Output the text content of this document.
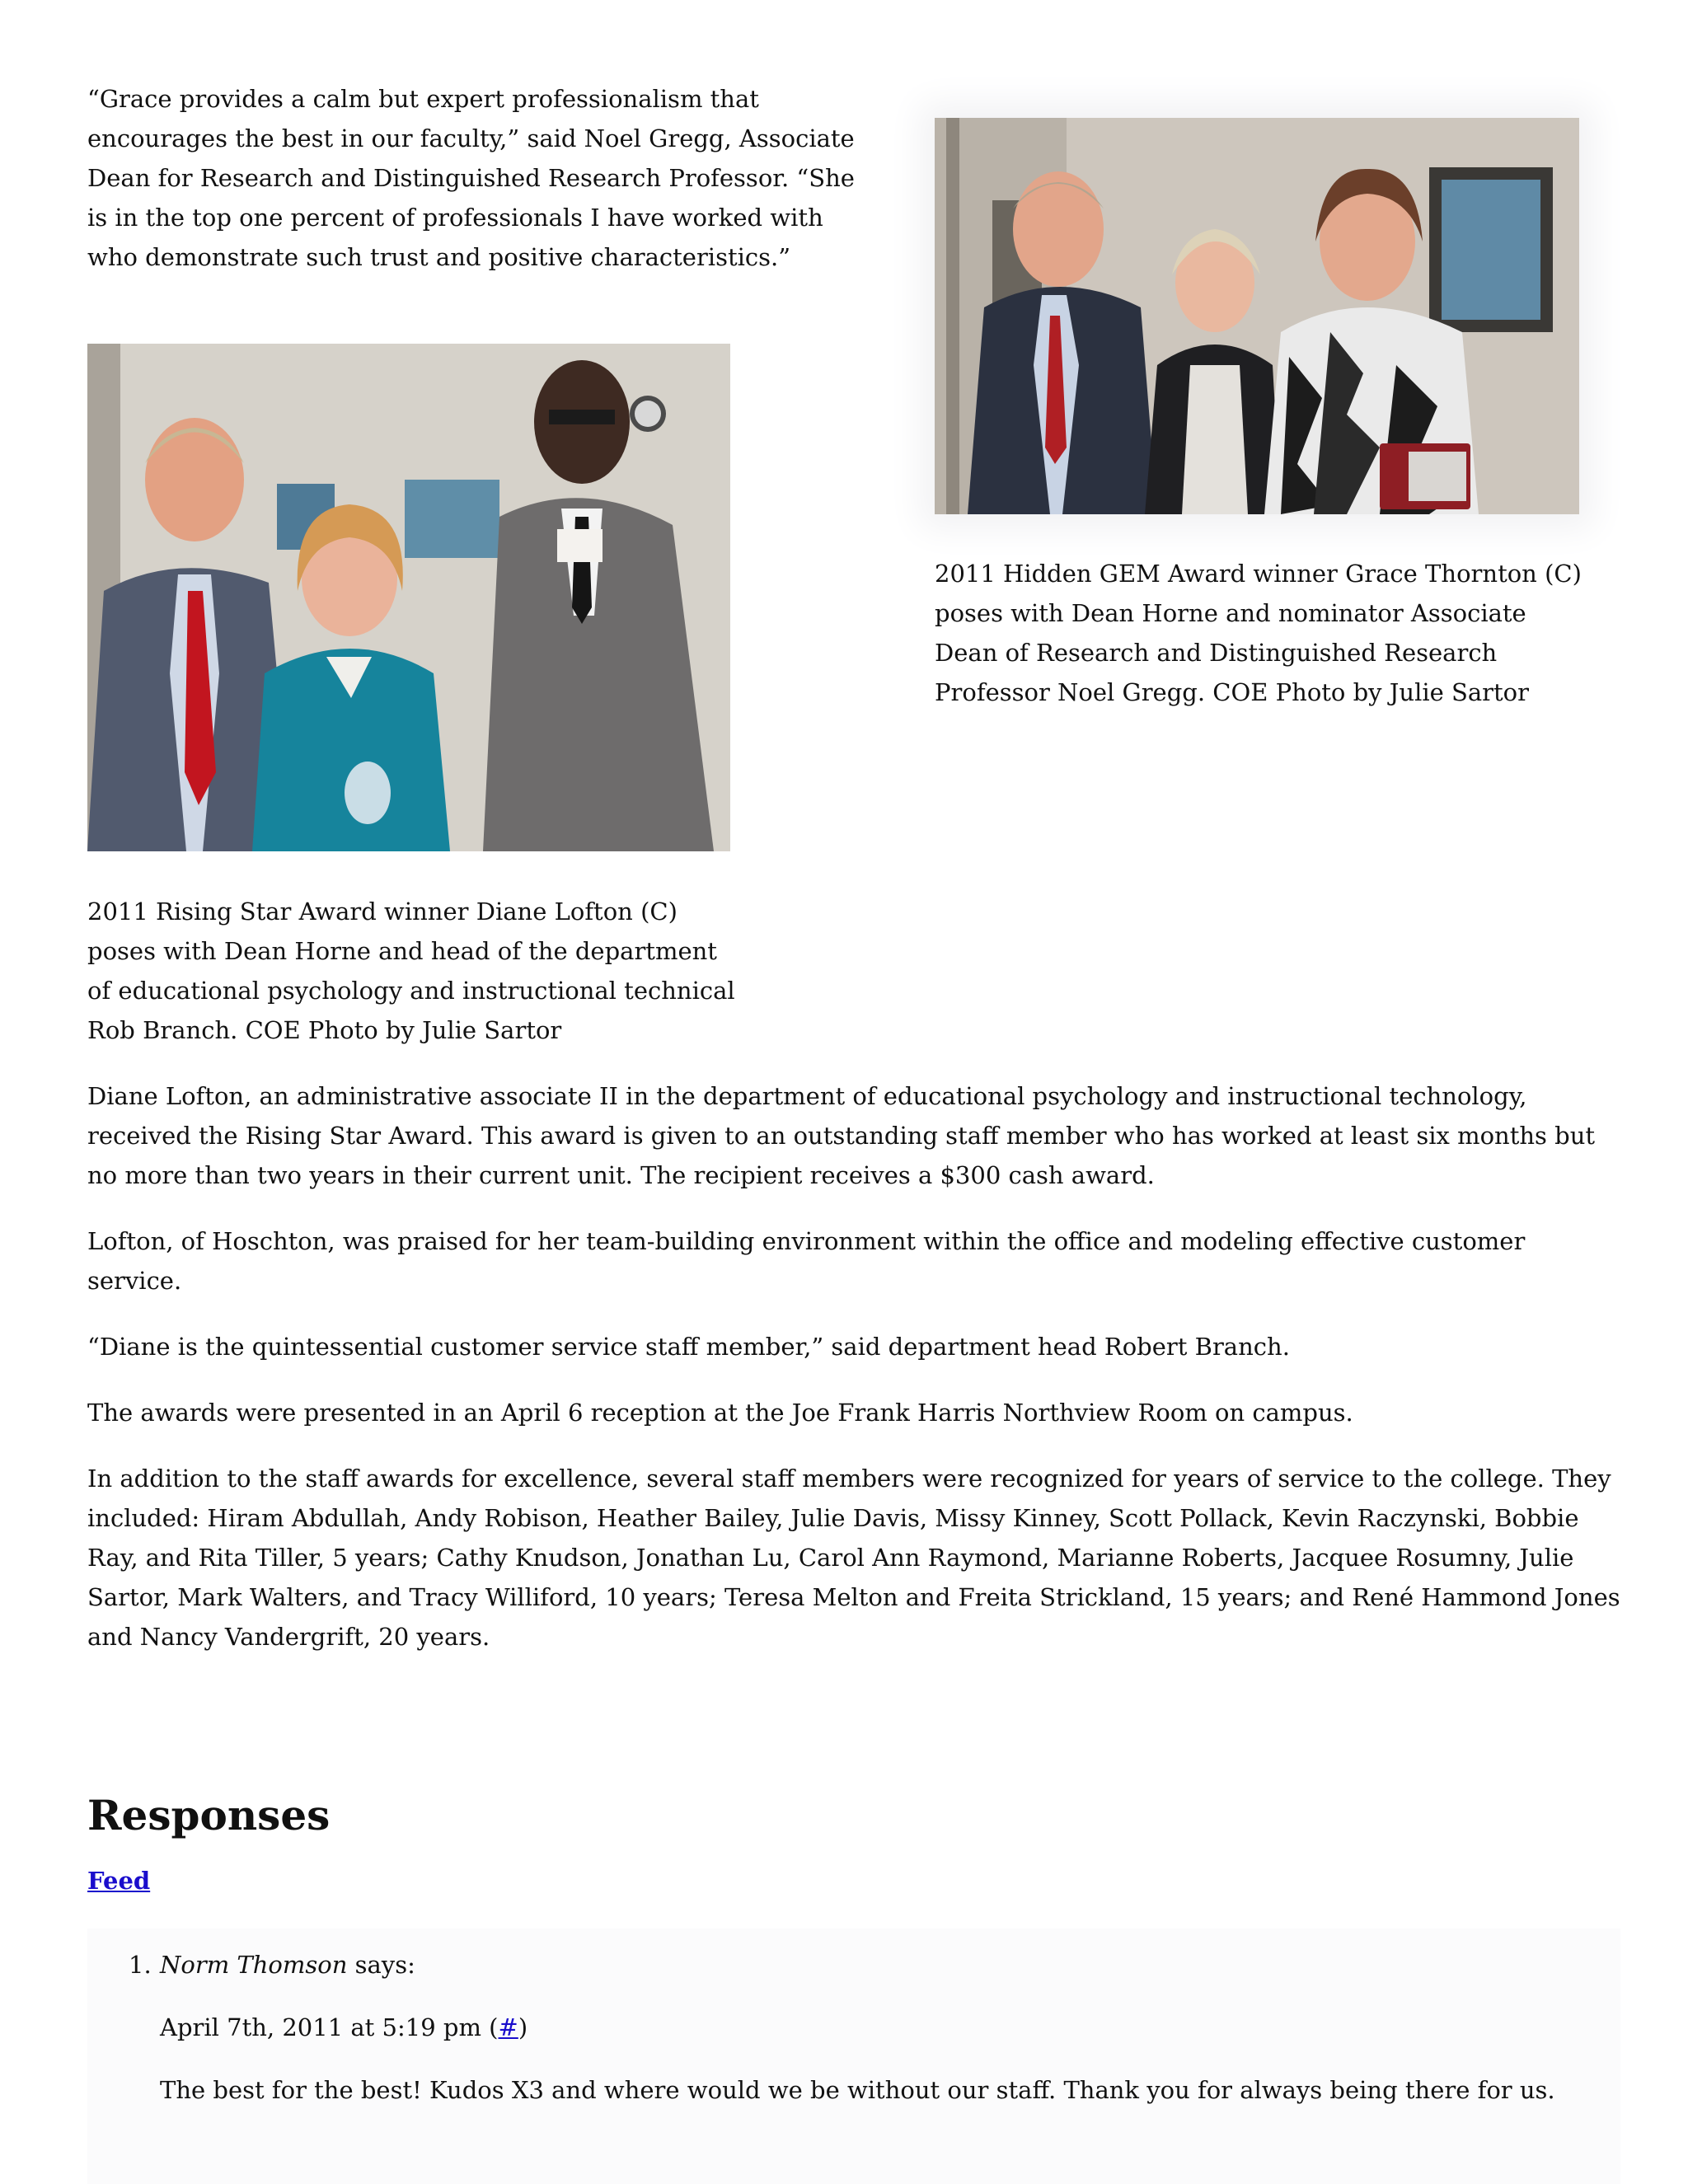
“Grace provides a calm but expert professionalism that encourages the best in our faculty,” said Noel Gregg, Associate Dean for Research and Distinguished Research Professor. “She is in the top one percent of professionals I have worked with who demonstrate such trust and positive characteristics.”

2011 Hidden GEM Award winner Grace Thornton (C) poses with Dean Horne and nominator Associate Dean of Research and Distinguished Research Professor Noel Gregg. COE Photo by Julie Sartor

2011 Rising Star Award winner Diane Lofton (C) poses with Dean Horne and head of the department of educational psychology and instructional technical Rob Branch. COE Photo by Julie Sartor

Diane Lofton, an administrative associate II in the department of educational psychology and instructional technology, received the Rising Star Award. This award is given to an outstanding staff member who has worked at least six months but no more than two years in their current unit. The recipient receives a $300 cash award.

Lofton, of Hoschton, was praised for her team-building environment within the office and modeling effective customer service.

“Diane is the quintessential customer service staff member,” said department head Robert Branch.

The awards were presented in an April 6 reception at the Joe Frank Harris Northview Room on campus.

In addition to the staff awards for excellence, several staff members were recognized for years of service to the college. They included: Hiram Abdullah, Andy Robison, Heather Bailey, Julie Davis, Missy Kinney, Scott Pollack, Kevin Raczynski, Bobbie Ray, and Rita Tiller, 5 years; Cathy Knudson, Jonathan Lu, Carol Ann Raymond, Marianne Roberts, Jacquee Rosumny, Julie Sartor, Mark Walters, and Tracy Williford, 10 years; Teresa Melton and Freita Strickland, 15 years; and René Hammond Jones and Nancy Vandergrift, 20 years.

Responses
Feed
1. Norm Thomson says:
April 7th, 2011 at 5:19 pm (#)

The best for the best! Kudos X3 and where would we be without our staff. Thank you for always being there for us.
